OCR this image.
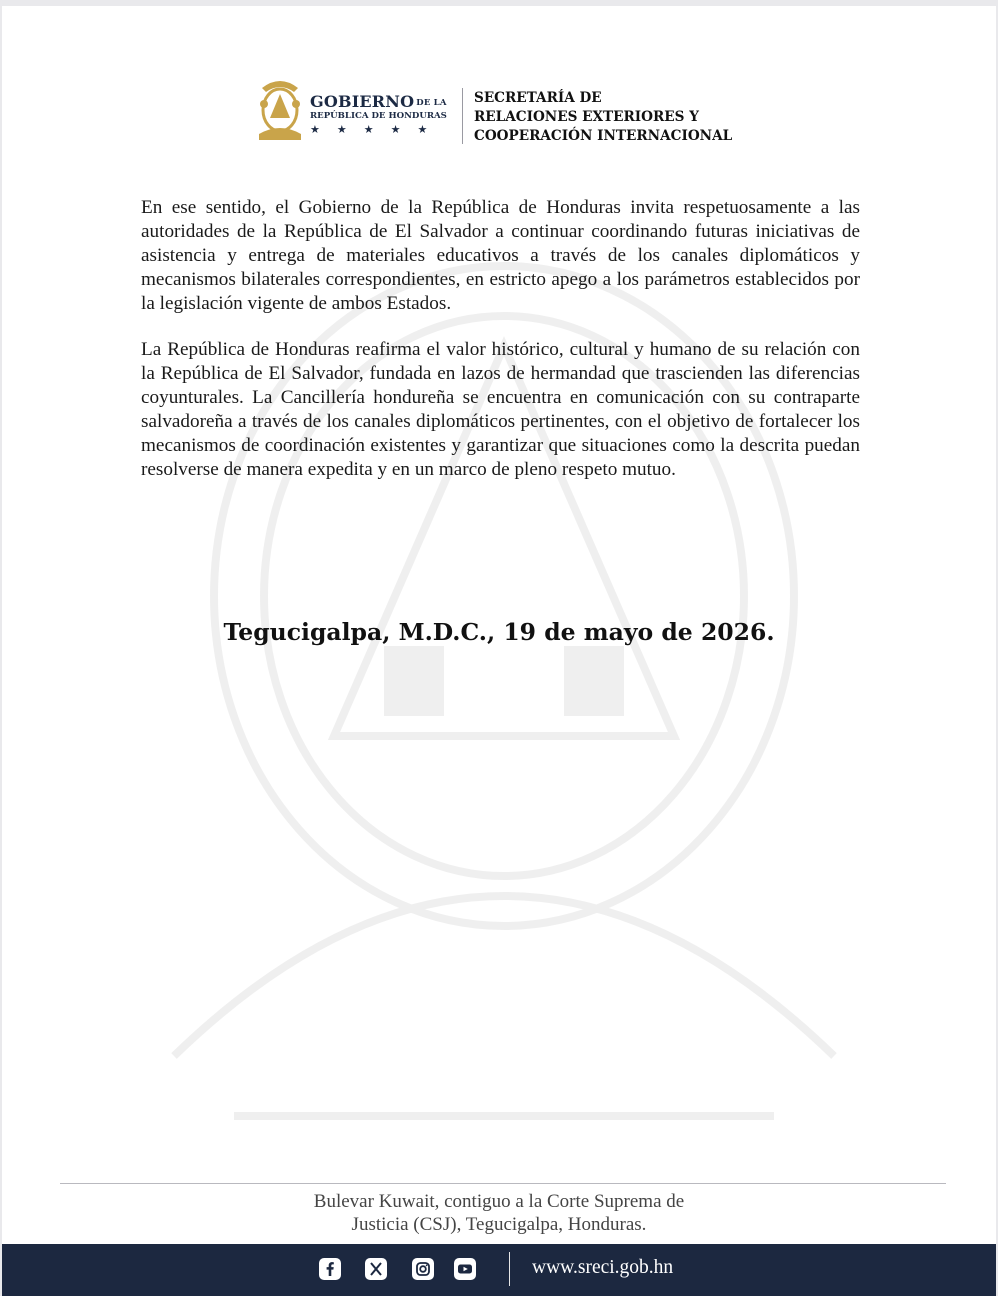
GOBIERNO DE LA
REPÚBLICA DE HONDURAS
★★★★★
SECRETARÍA DE
RELACIONES EXTERIORES Y
COOPERACIÓN INTERNACIONAL
En ese sentido, el Gobierno de la República de Honduras invita respetuosamente a las autoridades de la República de El Salvador a continuar coordinando futuras iniciativas de asistencia y entrega de materiales educativos a través de los canales diplomáticos y mecanismos bilaterales correspondientes, en estricto apego a los parámetros establecidos por la legislación vigente de ambos Estados.
La República de Honduras reafirma el valor histórico, cultural y humano de su relación con la República de El Salvador, fundada en lazos de hermandad que trascienden las diferencias coyunturales. La Cancillería hondureña se encuentra en comunicación con su contraparte salvadoreña a través de los canales diplomáticos pertinentes, con el objetivo de fortalecer los mecanismos de coordinación existentes y garantizar que situaciones como la descrita puedan resolverse de manera expedita y en un marco de pleno respeto mutuo.
Tegucigalpa, M.D.C., 19 de mayo de 2026.
Bulevar Kuwait, contiguo a la Corte Suprema de
Justicia (CSJ), Tegucigalpa, Honduras.
www.sreci.gob.hn
